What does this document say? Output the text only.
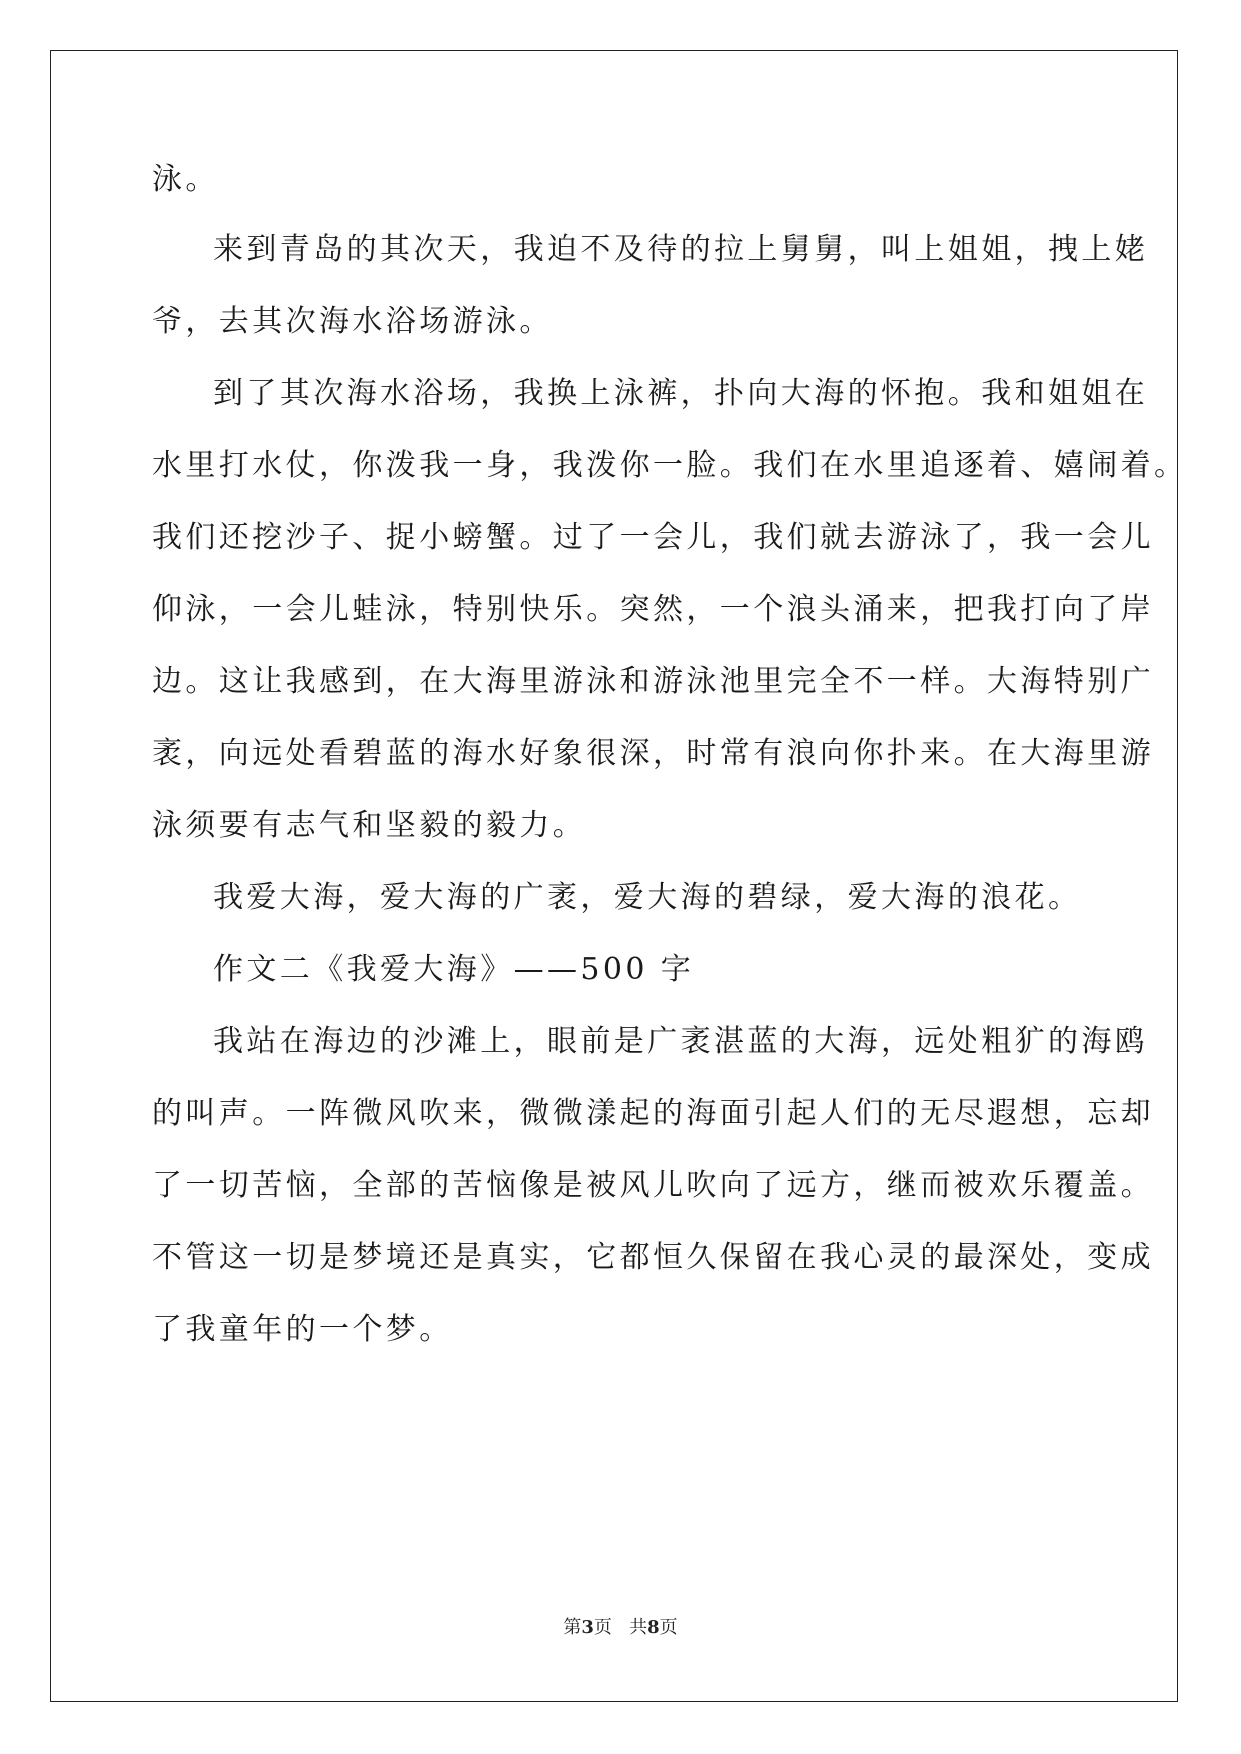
泳。
来到青岛的其次天，我迫不及待的拉上舅舅，叫上姐姐，拽上姥
爷，去其次海水浴场游泳。
到了其次海水浴场，我换上泳裤，扑向大海的怀抱。我和姐姐在
水里打水仗，你泼我一身，我泼你一脸。我们在水里追逐着、嬉闹着。
我们还挖沙子、捉小螃蟹。过了一会儿，我们就去游泳了，我一会儿
仰泳，一会儿蛙泳，特别快乐。突然，一个浪头涌来，把我打向了岸
边。这让我感到，在大海里游泳和游泳池里完全不一样。大海特别广
袤，向远处看碧蓝的海水好象很深，时常有浪向你扑来。在大海里游
泳须要有志气和坚毅的毅力。
我爱大海，爱大海的广袤，爱大海的碧绿，爱大海的浪花。
作文二《我爱大海》——500 字
我站在海边的沙滩上，眼前是广袤湛蓝的大海，远处粗犷的海鸥
的叫声。一阵微风吹来，微微漾起的海面引起人们的无尽遐想，忘却
了一切苦恼，全部的苦恼像是被风儿吹向了远方，继而被欢乐覆盖。
不管这一切是梦境还是真实，它都恒久保留在我心灵的最深处，变成
了我童年的一个梦。
第3页 共8页
